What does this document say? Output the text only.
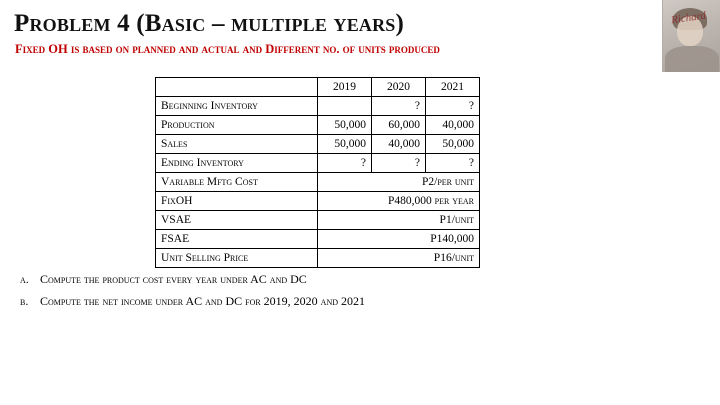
Problem 4 (Basic – multiple years)
Fixed OH is based on planned and actual and Different no. of units produced
Richard
	2019	2020	2021
Beginning Inventory		?	?
Production	50,000	60,000	40,000
Sales	50,000	40,000	50,000
Ending Inventory	?	?	?
Variable Mftg Cost	P2/per unit		
FixOH	P480,000 per year		
VSAE	P1/unit		
FSAE	P140,000		
Unit Selling Price	P16/unit		
a. Compute the product cost every year under AC and DC
b. Compute the net income under AC and DC for 2019, 2020 and 2021
